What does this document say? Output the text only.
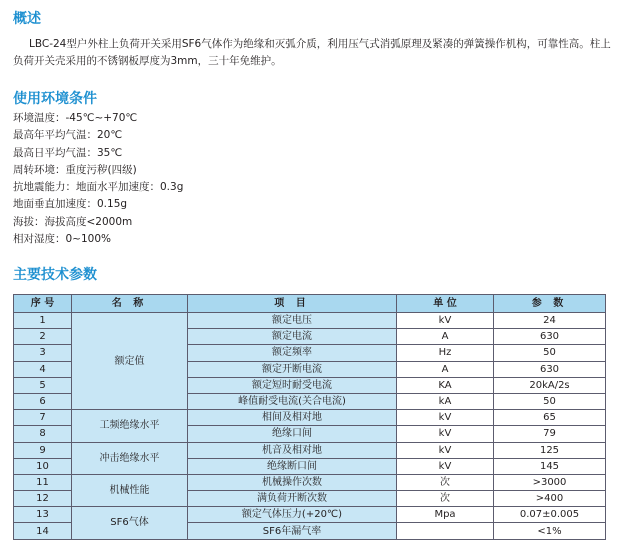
概述

LBC-24型户外柱上负荷开关采用SF6气体作为绝缘和灭弧介质，利用压气式消弧原理及紧凑的弹簧操作机构，可靠性高。柱上负荷开关壳采用的不锈钢板厚度为3mm，三十年免维护。

使用环境条件
环境温度：-45℃~+70℃
最高年平均气温：20℃
最高日平均气温：35℃
周转环境：重度污秽(四级)
抗地震能力：地面水平加速度：0.3g
地面垂直加速度：0.15g
海拔：海拔高度<2000m
相对湿度：0~100%
主要技术参数
序 号	名 称	项 目	单 位	参 数
1	额定值	额定电压	kV	24
2		额定电流	A	630
3		额定频率	Hz	50
4		额定开断电流	A	630
5		额定短时耐受电流	KA	20kA/2s
6		峰值耐受电流(关合电流)	kA	50
7	工频绝缘水平	相间及相对地	kV	65
8		绝缘口间	kV	79
9	冲击绝缘水平	机音及相对地	kV	125
10		绝缘断口间	kV	145
11	机械性能	机械操作次数	次	>3000
12		满负荷开断次数	次	>400
13	SF6气体	额定气体压力(+20℃)	Mpa	0.07±0.005
14		SF6年漏气率		<1%
